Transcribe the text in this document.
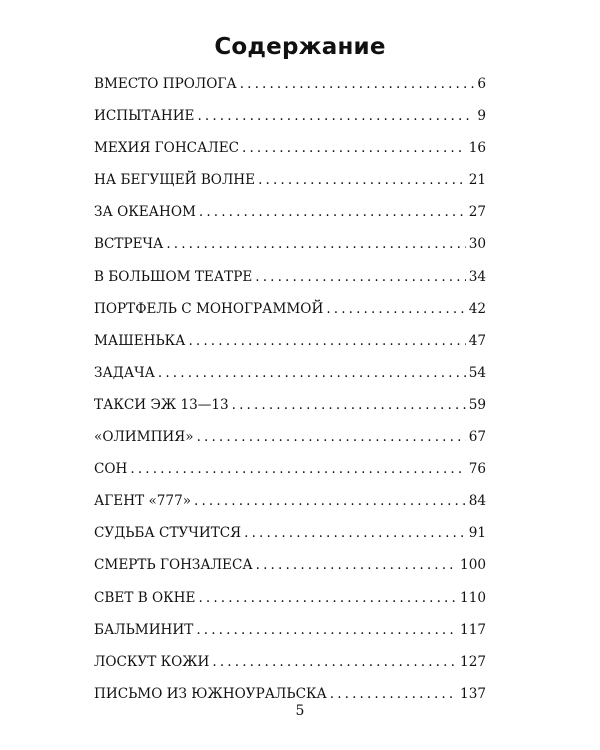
Содержание
ВМЕСТО ПРОЛОГА . . .	6
ИСПЫТАНИЕ . . .	9
МЕХИЯ ГОНСАЛЕС . . .	16
НА БЕГУЩЕЙ ВОЛНЕ . . .	21
ЗА ОКЕАНОМ . . .	27
ВСТРЕЧА . . .	30
В БОЛЬШОМ ТЕАТРЕ . . .	34
ПОРТФЕЛЬ С МОНОГРАММОЙ . . .	42
МАШЕНЬКА . . .	47
ЗАДАЧА . . .	54
ТАКСИ ЭЖ 13—13 . . .	59
«ОЛИМПИЯ» . . .	67
СОН . . .	76
АГЕНТ «777» . . .	84
СУДЬБА СТУЧИТСЯ . . .	91
СМЕРТЬ ГОНЗАЛЕСА . . .	100
СВЕТ В ОКНЕ . . .	110
БАЛЬМИНИТ . . .	117
ЛОСКУТ КОЖИ . . .	127
ПИСЬМО ИЗ ЮЖНОУРАЛЬСКА . . .	137
5
